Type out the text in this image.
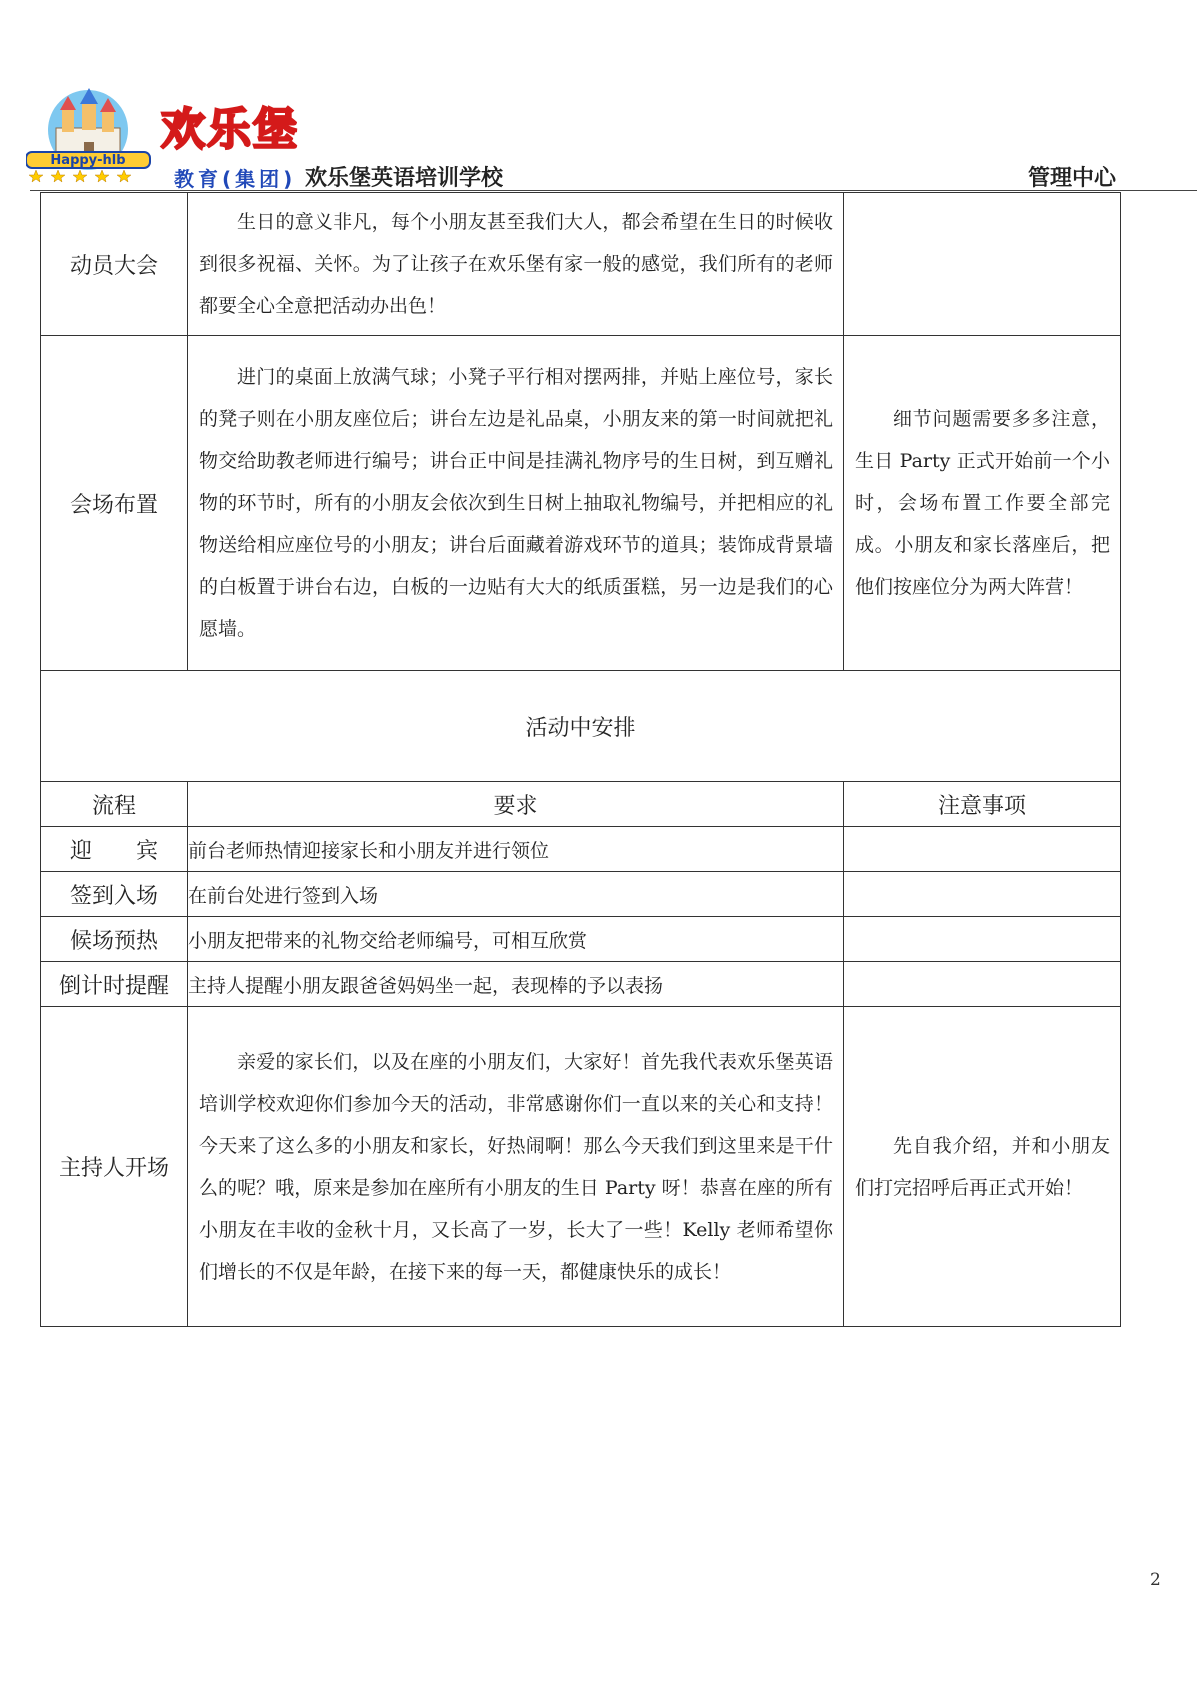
Happy-hlb
欢乐堡
教育(集团) 欢乐堡英语培训学校	管理中心
动员大会	生日的意义非凡，每个小朋友甚至我们大人，都会希望在生日的时候收到很多祝福、关怀。为了让孩子在欢乐堡有家一般的感觉，我们所有的老师都要全心全意把活动办出色！	

会场布置	进门的桌面上放满气球；小凳子平行相对摆两排，并贴上座位号，家长的凳子则在小朋友座位后；讲台左边是礼品桌，小朋友来的第一时间就把礼物交给助教老师进行编号；讲台正中间是挂满礼物序号的生日树，到互赠礼物的环节时，所有的小朋友会依次到生日树上抽取礼物编号，并把相应的礼物送给相应座位号的小朋友；讲台后面藏着游戏环节的道具；装饰成背景墙的白板置于讲台右边，白板的一边贴有大大的纸质蛋糕，另一边是我们的心愿墙。	细节问题需要多多注意，生日 Party 正式开始前一个小时，会场布置工作要全部完成。小朋友和家长落座后，把他们按座位分为两大阵营！

活动中安排		
流程	要求	注意事项
迎　　宾	前台老师热情迎接家长和小朋友并进行领位	
签到入场	在前台处进行签到入场	
候场预热	小朋友把带来的礼物交给老师编号，可相互欣赏	
倒计时提醒	主持人提醒小朋友跟爸爸妈妈坐一起，表现棒的予以表扬	
主持人开场	亲爱的家长们，以及在座的小朋友们，大家好！首先我代表欢乐堡英语培训学校欢迎你们参加今天的活动，非常感谢你们一直以来的关心和支持！今天来了这么多的小朋友和家长，好热闹啊！那么今天我们到这里来是干什么的呢？哦，原来是参加在座所有小朋友的生日 Party 呀！恭喜在座的所有小朋友在丰收的金秋十月，又长高了一岁，长大了一些！Kelly 老师希望你们增长的不仅是年龄，在接下来的每一天，都健康快乐的成长！	先自我介绍，并和小朋友们打完招呼后再正式开始！
2
